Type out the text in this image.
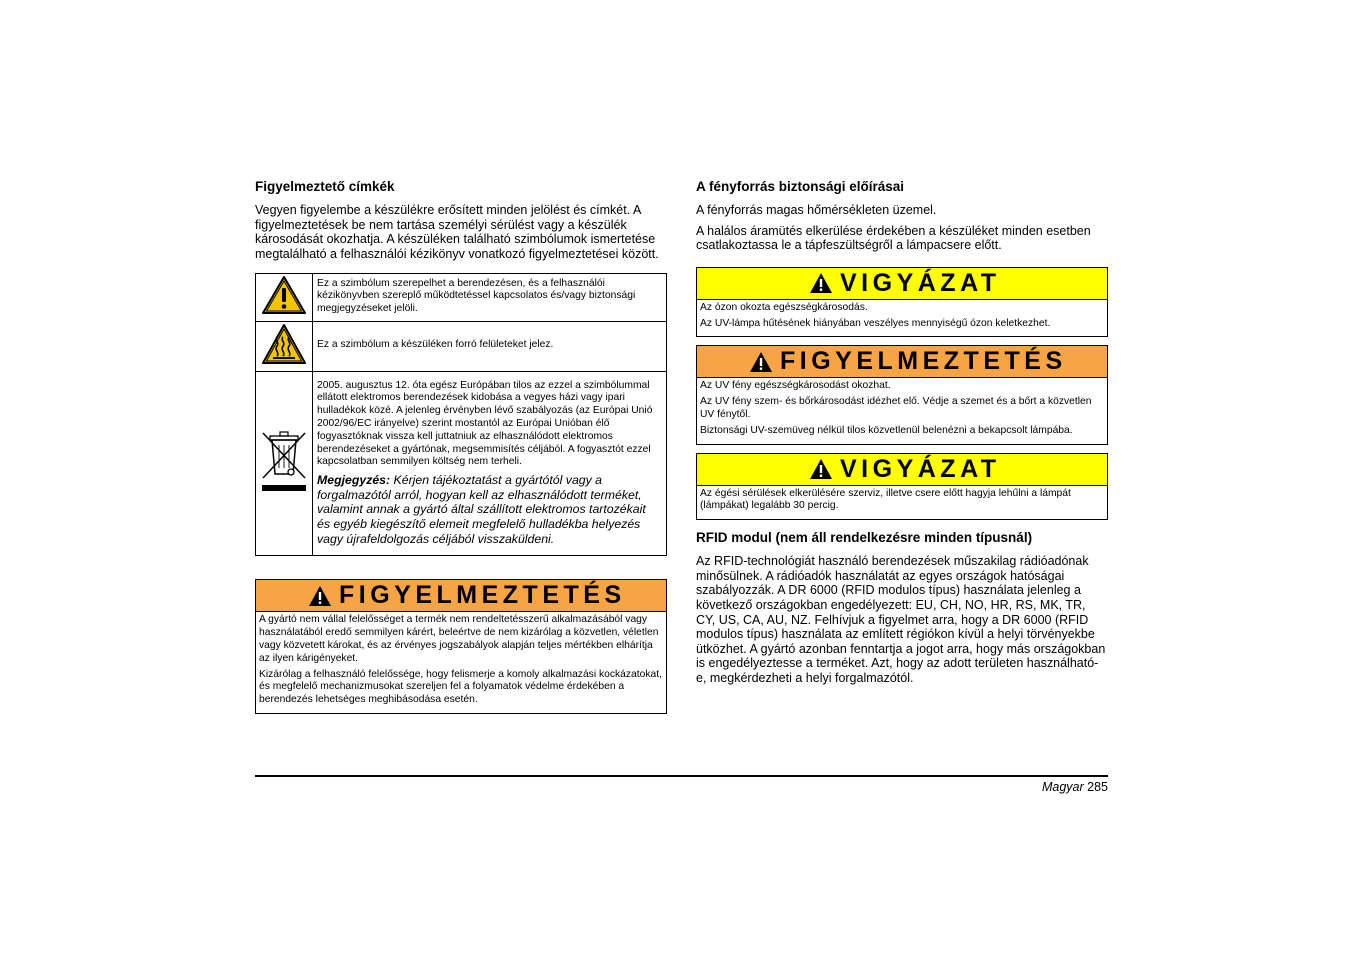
Figyelmeztető címkék

Vegyen figyelembe a készülékre erősített minden jelölést és címkét. A figyelmeztetések be nem tartása személyi sérülést vagy a készülék károsodását okozhatja. A készüléken található szimbólumok ismertetése megtalálható a felhasználói kézikönyv vonatkozó figyelmeztetései között.

Ez a szimbólum szerepelhet a berendezésen, és a felhasználói kézikönyvben szereplő működtetéssel kapcsolatos és/vagy biztonsági megjegyzéseket jelöli.

Ez a szimbólum a készüléken forró felületeket jelez.

2005. augusztus 12. óta egész Európában tilos az ezzel a szimbólummal ellátott elektromos berendezések kidobása a vegyes házi vagy ipari hulladékok közé. A jelenleg érvényben lévő szabályozás (az Európai Unió 2002/96/EC irányelve) szerint mostantól az Európai Unióban élő fogyasztóknak vissza kell juttatniuk az elhasználódott elektromos berendezéseket a gyártónak, megsemmisítés céljából. A fogyasztót ezzel kapcsolatban semmilyen költség nem terheli.

Megjegyzés: Kérjen tájékoztatást a gyártótól vagy a forgalmazótól arról, hogyan kell az elhasználódott terméket, valamint annak a gyártó által szállított elektromos tartozékait és egyéb kiegészítő elemeit megfelelő hulladékba helyezés vagy újrafeldolgozás céljából visszaküldeni.

FIGYELMEZTETÉS

A gyártó nem vállal felelősséget a termék nem rendeltetésszerű alkalmazásából vagy használatából eredő semmilyen kárért, beleértve de nem kizárólag a közvetlen, véletlen vagy közvetett károkat, és az érvényes jogszabályok alapján teljes mértékben elhárítja az ilyen kárigényeket.

Kizárólag a felhasználó felelőssége, hogy felismerje a komoly alkalmazási kockázatokat, és megfelelő mechanizmusokat szereljen fel a folyamatok védelme érdekében a berendezés lehetséges meghibásodása esetén.

A fényforrás biztonsági előírásai

A fényforrás magas hőmérsékleten üzemel.

A halálos áramütés elkerülése érdekében a készüléket minden esetben csatlakoztassa le a tápfeszültségről a lámpacsere előtt.

VIGYÁZAT

Az ózon okozta egészségkárosodás.

Az UV-lámpa hűtésének hiányában veszélyes mennyiségű ózon keletkezhet.

FIGYELMEZTETÉS

Az UV fény egészségkárosodást okozhat.

Az UV fény szem- és bőrkárosodást idézhet elő. Védje a szemet és a bőrt a közvetlen UV fénytől.

Biztonsági UV-szemüveg nélkül tilos közvetlenül belenézni a bekapcsolt lámpába.

VIGYÁZAT

Az égési sérülések elkerülésére szerviz, illetve csere előtt hagyja lehűlni a lámpát (lámpákat) legalább 30 percig.

RFID modul (nem áll rendelkezésre minden típusnál)

Az RFID-technológiát használó berendezések műszakilag rádióadónak minősülnek. A rádióadók használatát az egyes országok hatóságai szabályozzák. A DR 6000 (RFID modulos típus) használata jelenleg a következő országokban engedélyezett: EU, CH, NO, HR, RS, MK, TR, CY, US, CA, AU, NZ. Felhívjuk a figyelmet arra, hogy a DR 6000 (RFID modulos típus) használata az említett régiókon kívül a helyi törvényekbe ütközhet. A gyártó azonban fenntartja a jogot arra, hogy más országokban is engedélyeztesse a terméket. Azt, hogy az adott területen használható-e, megkérdezheti a helyi forgalmazótól.

Magyar 285
